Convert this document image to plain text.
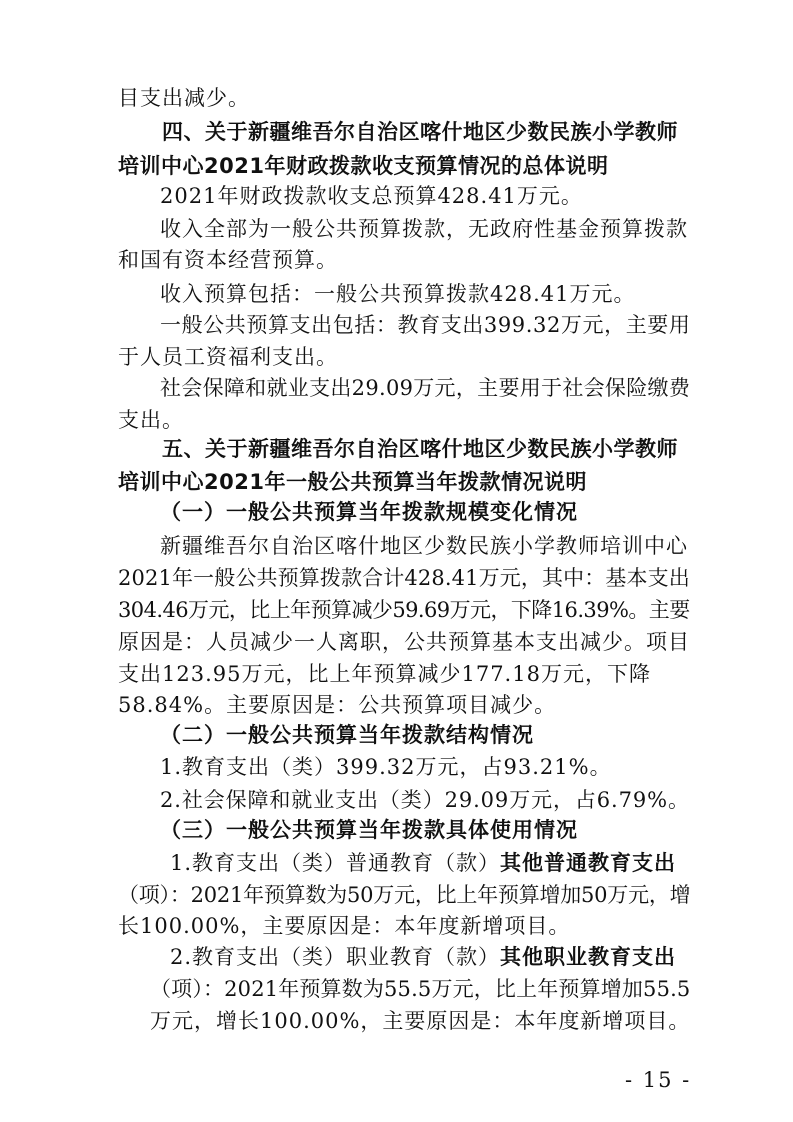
目支出减少。
四、关于新疆维吾尔自治区喀什地区少数民族小学教师
培训中心2021年财政拨款收支预算情况的总体说明
2021年财政拨款收支总预算428.41万元。
收入全部为一般公共预算拨款，无政府性基金预算拨款
和国有资本经营预算。
收入预算包括：一般公共预算拨款428.41万元。
一般公共预算支出包括：教育支出399.32万元，主要用
于人员工资福利支出。
社会保障和就业支出29.09万元，主要用于社会保险缴费
支出。
五、关于新疆维吾尔自治区喀什地区少数民族小学教师
培训中心2021年一般公共预算当年拨款情况说明
（一）一般公共预算当年拨款规模变化情况
新疆维吾尔自治区喀什地区少数民族小学教师培训中心
2021年一般公共预算拨款合计428.41万元，其中：基本支出
304.46万元，比上年预算减少59.69万元，下降16.39%。主要
原因是：人员减少一人离职，公共预算基本支出减少。项目
支出123.95万元，比上年预算减少177.18万元，下降
58.84%。主要原因是：公共预算项目减少。
（二）一般公共预算当年拨款结构情况
1.教育支出（类）399.32万元，占93.21%。
2.社会保障和就业支出（类）29.09万元，占6.79%。
（三）一般公共预算当年拨款具体使用情况
1.教育支出（类）普通教育（款）其他普通教育支出
（项）：2021年预算数为50万元，比上年预算增加50万元，增
长100.00%，主要原因是：本年度新增项目。
2.教育支出（类）职业教育（款）其他职业教育支出
（项）：2021年预算数为55.5万元，比上年预算增加55.5
万元，增长100.00%，主要原因是：本年度新增项目。
- 15 -
